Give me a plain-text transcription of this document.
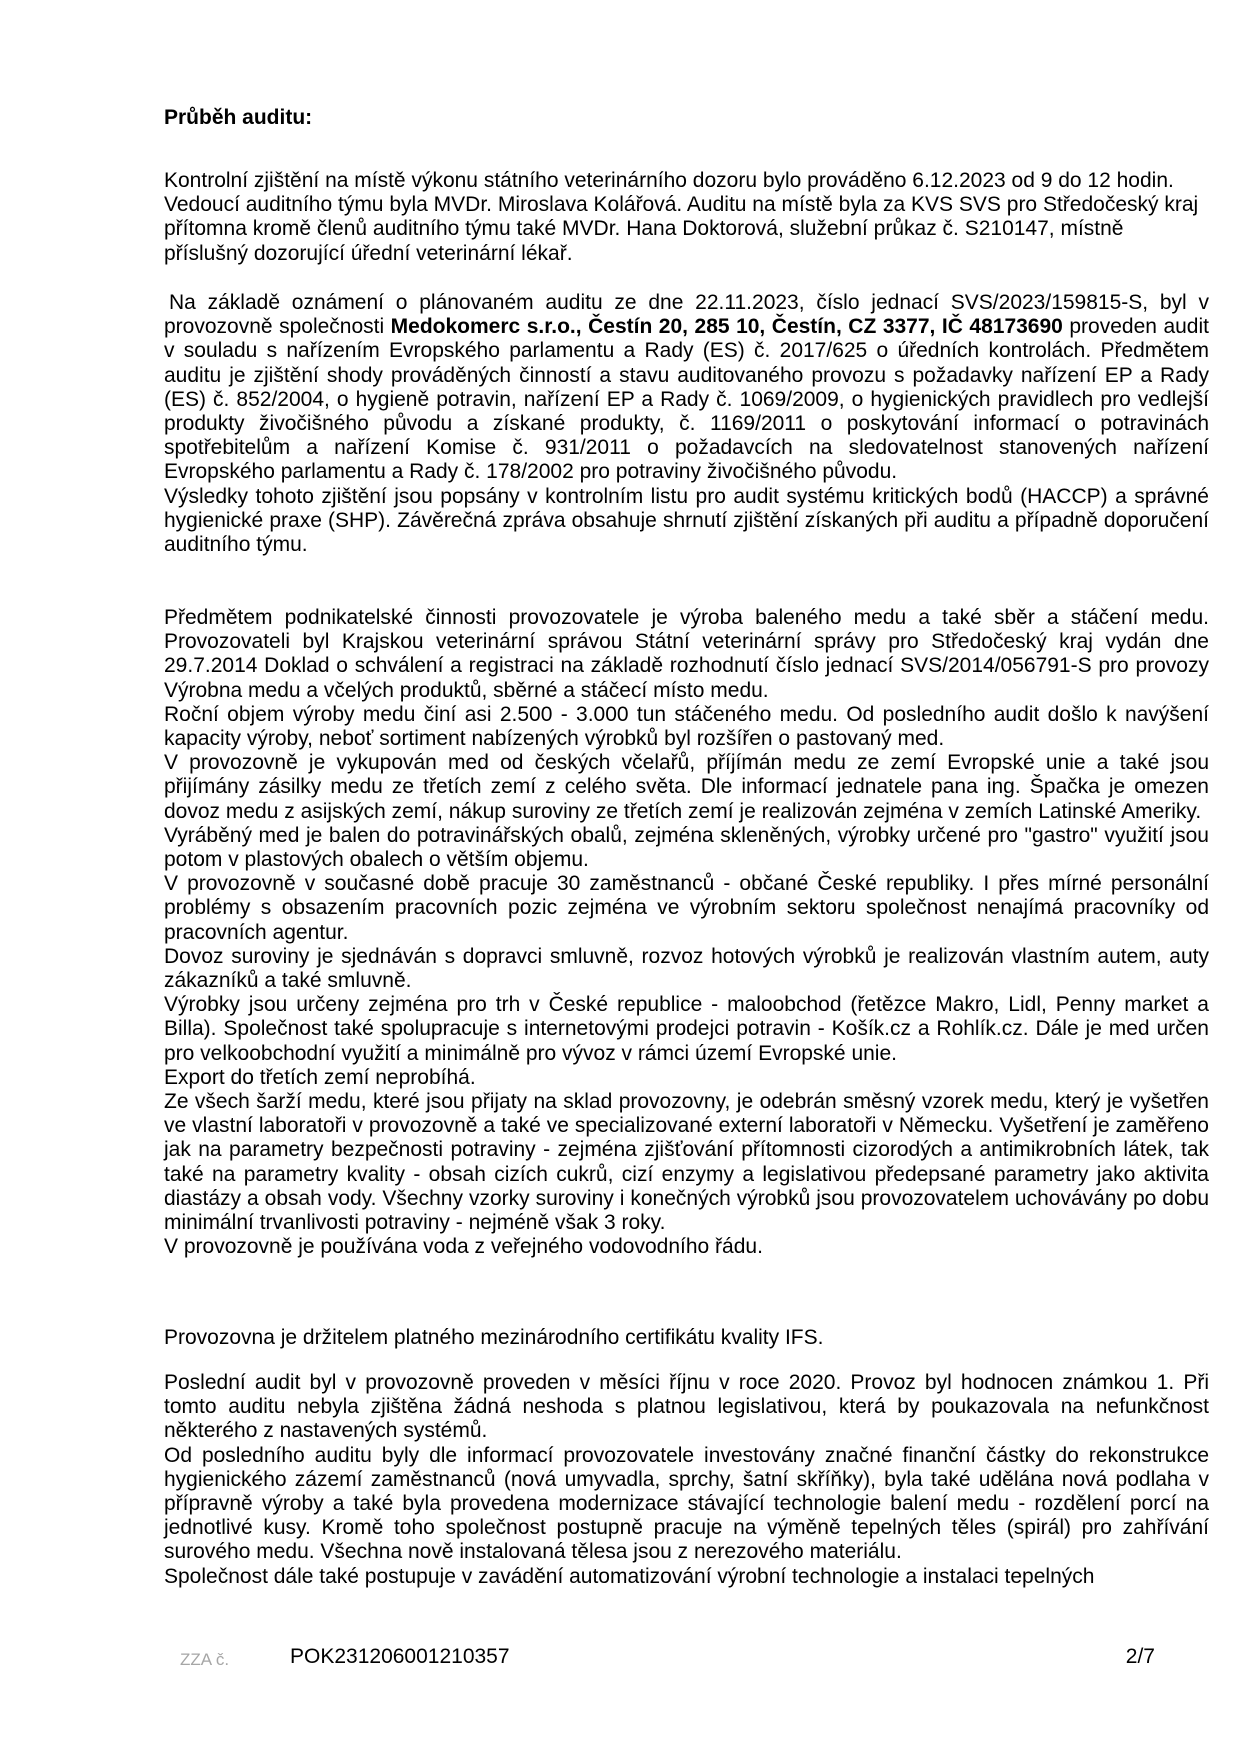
Průběh auditu:

Kontrolní zjištění na místě výkonu státního veterinárního dozoru bylo prováděno 6.12.2023 od 9 do 12 hodin. Vedoucí auditního týmu byla MVDr. Miroslava Kolářová. Auditu na místě byla za KVS SVS pro Středočeský kraj přítomna kromě členů auditního týmu také MVDr. Hana Doktorová, služební průkaz č. S210147, místně příslušný dozorující úřední veterinární lékař.

Na základě oznámení o plánovaném auditu ze dne 22.11.2023, číslo jednací SVS/2023/159815-S, byl v provozovně společnosti Medokomerc s.r.o., Čestín 20, 285 10, Čestín, CZ 3377, IČ 48173690 proveden audit v souladu s nařízením Evropského parlamentu a Rady (ES) č. 2017/625 o úředních kontrolách. Předmětem auditu je zjištění shody prováděných činností a stavu auditovaného provozu s požadavky nařízení EP a Rady (ES) č. 852/2004, o hygieně potravin, nařízení EP a Rady č. 1069/2009, o hygienických pravidlech pro vedlejší produkty živočišného původu a získané produkty, č. 1169/2011 o poskytování informací o potravinách spotřebitelům a nařízení Komise č. 931/2011 o požadavcích na sledovatelnost stanovených nařízení Evropského parlamentu a Rady č. 178/2002 pro potraviny živočišného původu.

Výsledky tohoto zjištění jsou popsány v kontrolním listu pro audit systému kritických bodů (HACCP) a správné hygienické praxe (SHP). Závěrečná zpráva obsahuje shrnutí zjištění získaných při auditu a případně doporučení auditního týmu.

Předmětem podnikatelské činnosti provozovatele je výroba baleného medu a také sběr a stáčení medu. Provozovateli byl Krajskou veterinární správou Státní veterinární správy pro Středočeský kraj vydán dne 29.7.2014 Doklad o schválení a registraci na základě rozhodnutí číslo jednací SVS/2014/056791-S pro provozy Výrobna medu a včelých produktů, sběrné a stáčecí místo medu.

Roční objem výroby medu činí asi 2.500 - 3.000 tun stáčeného medu. Od posledního audit došlo k navýšení kapacity výroby, neboť sortiment nabízených výrobků byl rozšířen o pastovaný med.

V provozovně je vykupován med od českých včelařů, příjímán medu ze zemí Evropské unie a také jsou přijímány zásilky medu ze třetích zemí z celého světa. Dle informací jednatele pana ing. Špačka je omezen dovoz medu z asijských zemí, nákup suroviny ze třetích zemí je realizován zejména v zemích Latinské Ameriky.

Vyráběný med je balen do potravinářských obalů, zejména skleněných, výrobky určené pro "gastro" využití jsou potom v plastových obalech o větším objemu.

V provozovně v současné době pracuje 30 zaměstnanců - občané České republiky. I přes mírné personální problémy s obsazením pracovních pozic zejména ve výrobním sektoru společnost nenajímá pracovníky od pracovních agentur.

Dovoz suroviny je sjednáván s dopravci smluvně, rozvoz hotových výrobků je realizován vlastním autem, auty zákazníků a také smluvně.

Výrobky jsou určeny zejména pro trh v České republice - maloobchod (řetězce Makro, Lidl, Penny market a Billa). Společnost také spolupracuje s internetovými prodejci potravin - Košík.cz a Rohlík.cz. Dále je med určen pro velkoobchodní využití a minimálně pro vývoz v rámci území Evropské unie.

Export do třetích zemí neprobíhá.

Ze všech šarží medu, které jsou přijaty na sklad provozovny, je odebrán směsný vzorek medu, který je vyšetřen ve vlastní laboratoři v provozovně a také ve specializované externí laboratoři v Německu. Vyšetření je zaměřeno jak na parametry bezpečnosti potraviny - zejména zjišťování přítomnosti cizorodých a antimikrobních látek, tak také na parametry kvality - obsah cizích cukrů, cizí enzymy a legislativou předepsané parametry jako aktivita diastázy a obsah vody. Všechny vzorky suroviny i konečných výrobků jsou provozovatelem uchovávány po dobu minimální trvanlivosti potraviny - nejméně však 3 roky.

V provozovně je používána voda z veřejného vodovodního řádu.

Provozovna je držitelem platného mezinárodního certifikátu kvality IFS.

Poslední audit byl v provozovně proveden v měsíci říjnu v roce 2020. Provoz byl hodnocen známkou 1. Při tomto auditu nebyla zjištěna žádná neshoda s platnou legislativou, která by poukazovala na nefunkčnost některého z nastavených systémů.

Od posledního auditu byly dle informací provozovatele investovány značné finanční částky do rekonstrukce hygienického zázemí zaměstnanců (nová umyvadla, sprchy, šatní skříňky), byla také udělána nová podlaha v přípravně výroby a také byla provedena modernizace stávající technologie balení medu - rozdělení porcí na jednotlivé kusy. Kromě toho společnost postupně pracuje na výměně tepelných těles (spirál) pro zahřívání surového medu. Všechna nově instalovaná tělesa jsou z nerezového materiálu.

Společnost dále také postupuje v zavádění automatizování výrobní technologie a instalaci tepelných

ZZA č.	POK231206001210357	2/7
